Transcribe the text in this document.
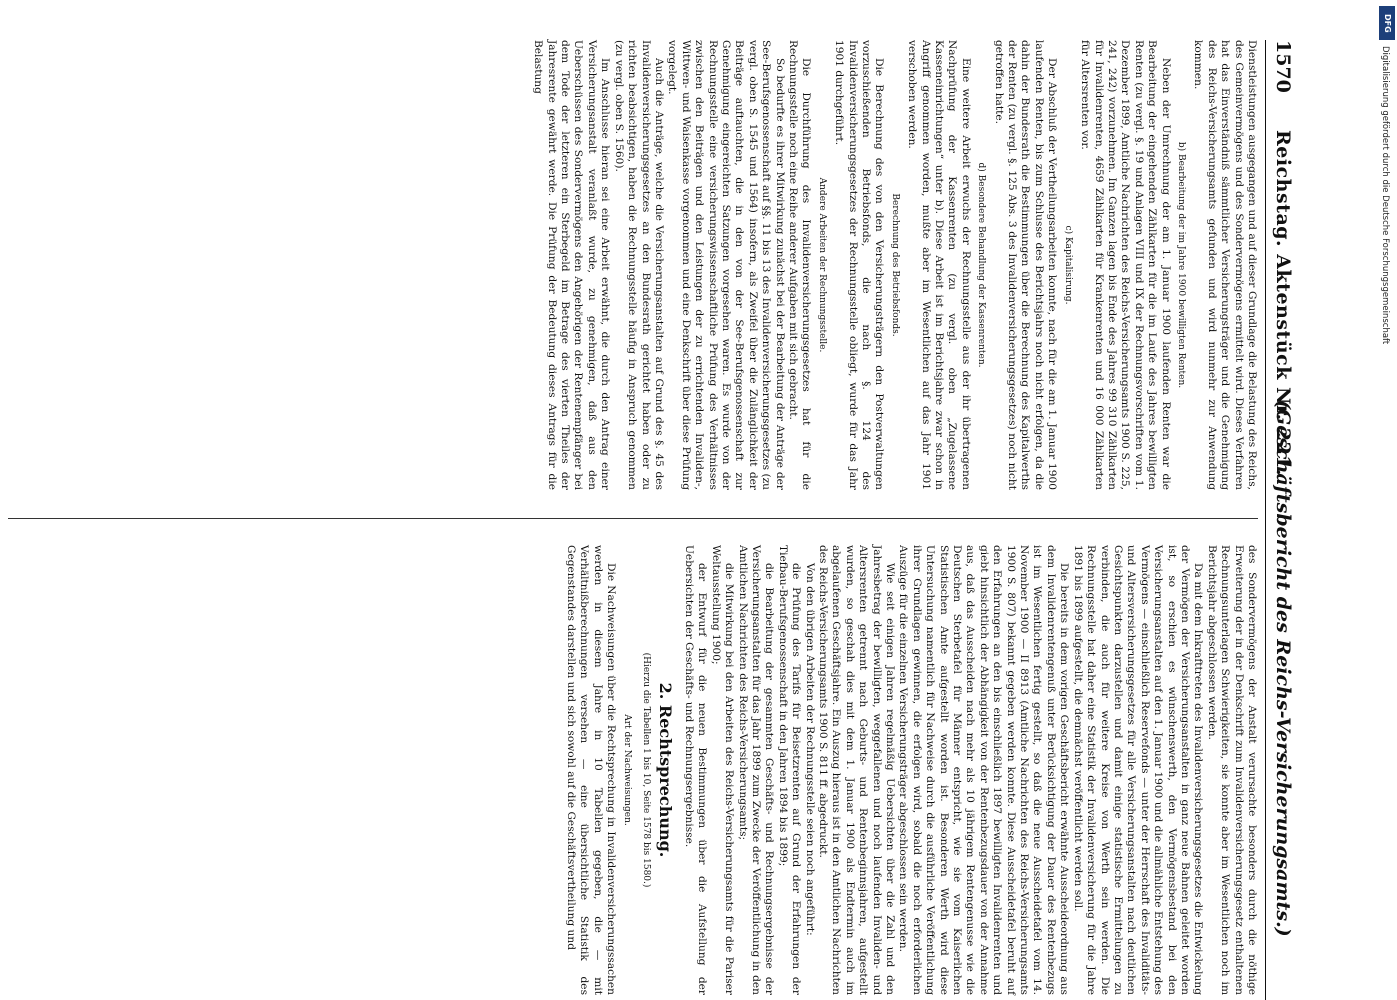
1570
Reichstag. Aktenstück Nr. 221.
(Geschäftsbericht des Reichs-Versicherungsamts.)
Dienstleistungen ausgegangen und auf dieser Grundlage die Belastung des Reichs, des Gemeinvermögens und des Sondervermögens ermittelt wird. Dieses Verfahren hat das Einverständniß sämmtlicher Versicherungsträger und die Genehmigung des Reichs-Versicherungsamts gefunden und wird nunmehr zur Anwendung kommen.
b) Bearbeitung der im Jahre 1900 bewilligten Renten.
Neben der Umrechnung der am 1. Januar 1900 laufenden Renten war die Bearbeitung der eingehenden Zählkarten für die im Laufe des Jahres bewilligten Renten (zu vergl. §. 19 und Anlagen VIII und IX der Rechnungsvorschriften vom 1. Dezember 1899, Amtliche Nachrichten des Reichs-Versicherungsamts 1900 S. 225, 241, 242) vorzunehmen. Im Ganzen lagen bis Ende des Jahres 99 310 Zählkarten für Invalidenrenten, 4659 Zählkarten für Krankenrenten und 16 000 Zählkarten für Altersrenten vor.
c) Kapitalisirung.
Der Abschluß der Vertheilungsarbeiten konnte, nach für die am 1. Januar 1900 laufenden Renten, bis zum Schlusse des Berichtsjahrs noch nicht erfolgen, da die dahin der Bundesrath die Bestimmungen über die Berechnung des Kapitalwerths der Renten (zu vergl. §. 125 Abs. 3 des Invalidenversicherungsgesetzes) noch nicht getroffen hatte.
d) Besondere Behandlung der Kassenrenten.
Eine weitere Arbeit erwuchs der Rechnungsstelle aus der ihr übertragenen Nachprüfung der Kassenrenten (zu vergl. oben „Zugelassene Kasseneinrichtungen“ unter b). Diese Arbeit ist im Berichtsjahre zwar schon in Angriff genommen worden, mußte aber im Wesentlichen auf das Jahr 1901 verschoben werden.
Berechnung des Betriebsfonds.
Die Berechnung des von den Versicherungsträgern den Postverwaltungen vorzuschießenden Betriebsfonds, die nach §. 124 des Invalidenversicherungsgesetzes der Rechnungsstelle obliegt, wurde für das Jahr 1901 durchgeführt.
Andere Arbeiten der Rechnungsstelle.
Die Durchführung des Invalidenversicherungsgesetzes hat für die Rechnungsstelle noch eine Reihe anderer Aufgaben mit sich gebracht.
So bedurfte es ihrer Mitwirkung zunächst bei der Bearbeitung der Anträge der See-Berufsgenossenschaft auf §§. 11 bis 13 des Invalidenversicherungsgesetzes (zu vergl. oben S. 1545 und 1564) insofern, als Zweifel über die Zulänglichkeit der Beiträge auftauchten, die in den von der See-Berufsgenossenschaft zur Genehmigung eingereichten Satzungen vorgesehen waren. Es wurde von der Rechnungsstelle eine versicherungswissenschaftliche Prüfung des Verhältnisses zwischen den Beiträgen und den Leistungen der zu errichtenden Invaliden-, Wittwen- und Waisenkasse vorgenommen und eine Denkschrift über diese Prüfung vorgelegt.
Auch die Anträge, welche die Versicherungsanstalten auf Grund des §. 45 des Invalidenversicherungsgesetzes an den Bundesrath gerichtet haben oder zu richten beabsichtigen, haben die Rechnungsstelle häufig in Anspruch genommen (zu vergl. oben S. 1560).
Im Anschlusse hieran sei eine Arbeit erwähnt, die durch den Antrag einer Versicherungsanstalt veranlaßt wurde, zu genehmigen, daß aus den Ueberschüssen des Sondervermögens den Angehörigen der Rentenempfänger bei dem Tode der letzteren ein Sterbegeld im Betrage des vierten Theiles der Jahresrente gewährt werde. Die Prüfung der Bedeutung dieses Antrags für die Belastung
des Sondervermögens der Anstalt verursachte besonders durch die nöthige Erweiterung der in der Denkschrift zum Invalidenversicherungsgesetz enthaltenen Rechnungsunterlagen Schwierigkeiten, sie konnte aber im Wesentlichen noch im Berichtsjahr abgeschlossen werden.
Da mit dem Inkrafttreten des Invalidenversicherungsgesetzes die Entwickelung der Vermögen der Versicherungsanstalten in ganz neue Bahnen geleitet worden ist, so erschien es wünschenswerth, den Vermögensbestand bei den Versicherungsanstalten auf den 1. Januar 1900 und die allmähliche Entstehung des Vermögens — einschließlich Reservefonds — unter der Herrschaft des Invaliditäts- und Altersversicherungsgesetzes für alle Versicherungsanstalten nach deutlichen Gesichtspunkten darzustellen und damit einige statistische Ermittelungen zu verbinden, die auch für weitere Kreise von Werth sein werden. Die Rechnungsstelle hat daher eine Statistik der Invalidenversicherung für die Jahre 1891 bis 1899 aufgestellt, die demnächst veröffentlicht werden soll.
Die bereits in dem vorigen Geschäftsbericht erwähnte Ausscheideordnung aus dem Invalidenrentengenuß unter Berücksichtigung der Dauer des Rentenbezugs ist im Wesentlichen fertig gestellt, so daß die neue Ausscheidetafel vom 14. November 1900 — II 8913 (Amtliche Nachrichten des Reichs-Versicherungsamts 1900 S. 807) bekannt gegeben werden konnte. Diese Ausscheidetafel beruht auf den Erfahrungen an den bis einschließlich 1897 bewilligten Invalidenrenten und giebt hinsichtlich der Abhängigkeit von der Rentenbezugsdauer von der Annahme aus, daß das Ausscheiden nach mehr als 10 jährigem Rentengenusse wie die Deutschen Sterbetafel für Männer entspricht, wie sie vom Kaiserlichen Statistischen Amte aufgestellt worden ist. Besonderen Werth wird diese Untersuchung namentlich für Nachweise durch die ausführliche Veröffentlichung ihrer Grundlagen gewinnen, die erfolgen wird, sobald die noch erforderlichen Auszüge für die einzelnen Versicherungsträger abgeschlossen sein werden.
Wie seit einigen Jahren regelmäßig Uebersichten über die Zahl und den Jahresbetrag der bewilligten, weggefallenen und noch laufenden Invaliden- und Altersrenten getrennt nach Geburts- und Rentenbeginnsjahren, aufgestellt wurden, so geschah dies mit dem 1. Januar 1900 als Endtermin auch im abgelaufenen Geschäftsjahre. Ein Auszug hieraus ist in den Amtlichen Nachrichten des Reichs-Versicherungsamts 1900 S. 811 ff. abgedruckt.
Von den übrigen Arbeiten der Rechnungsstelle seien noch angeführt:
die Prüfung des Tarifs für Beisetzrenten auf Grund der Erfahrungen der Tiefbau-Berufsgenossenschaft in den Jahren 1894 bis 1899;
die Bearbeitung der gesammten Geschäfts- und Rechnungsergebnisse der Versicherungsanstalten für das Jahr 1899 zum Zwecke der Veröffentlichung in den Amtlichen Nachrichten des Reichs-Versicherungsamts;
die Mitwirkung bei den Arbeiten des Reichs-Versicherungsamts für die Pariser Weltausstellung 1900;
der Entwurf für die neuen Bestimmungen über die Aufstellung der Uebersichten der Geschäfts- und Rechnungsergebnisse.
2. Rechtsprechung.
(Hierzu die Tabellen 1 bis 10, Seite 1578 bis 1580.)
Art der Nachweisungen.
Die Nachweisungen über die Rechtsprechung in Invalidenversicherungssachen werden in diesem Jahre in 10 Tabellen gegeben, die — mit Verhältnißberechnungen versehen — eine übersichtliche Statistik des Gegenstandes darstellen und sich sowohl auf die Geschäftsvertheilung und
DFG
Digitalisierung gefördert durch die Deutsche Forschungsgemeinschaft
